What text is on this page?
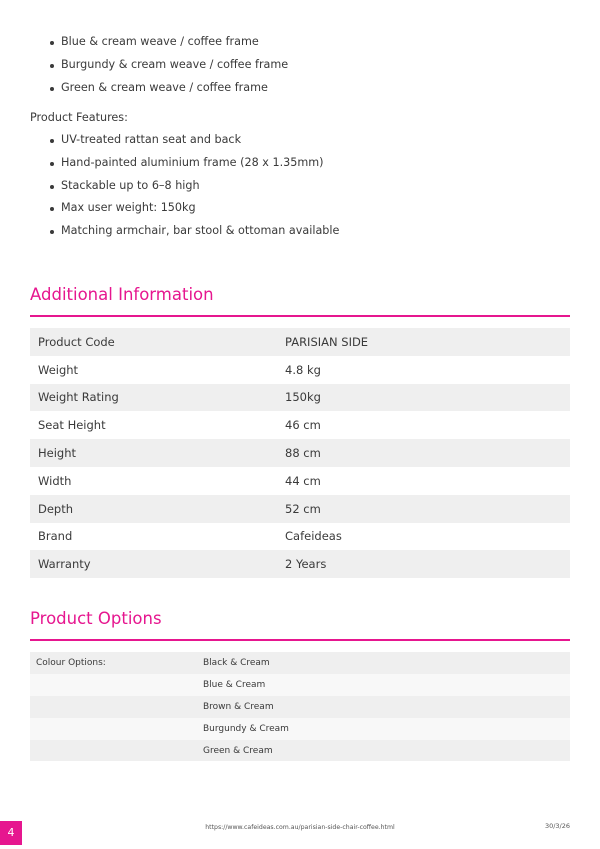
Blue & cream weave / coffee frame
Burgundy & cream weave / coffee frame
Green & cream weave / coffee frame
Product Features:
UV-treated rattan seat and back
Hand-painted aluminium frame (28 x 1.35mm)
Stackable up to 6–8 high
Max user weight: 150kg
Matching armchair, bar stool & ottoman available
Additional Information
Product Code	PARISIAN SIDE
Weight	4.8 kg
Weight Rating	150kg
Seat Height	46 cm
Height	88 cm
Width	44 cm
Depth	52 cm
Brand	Cafeideas
Warranty	2 Years
Product Options
Colour Options:	Black & Cream
	Blue & Cream
	Brown & Cream
	Burgundy & Cream
	Green & Cream
4	https://www.cafeideas.com.au/parisian-side-chair-coffee.html	30/3/26
